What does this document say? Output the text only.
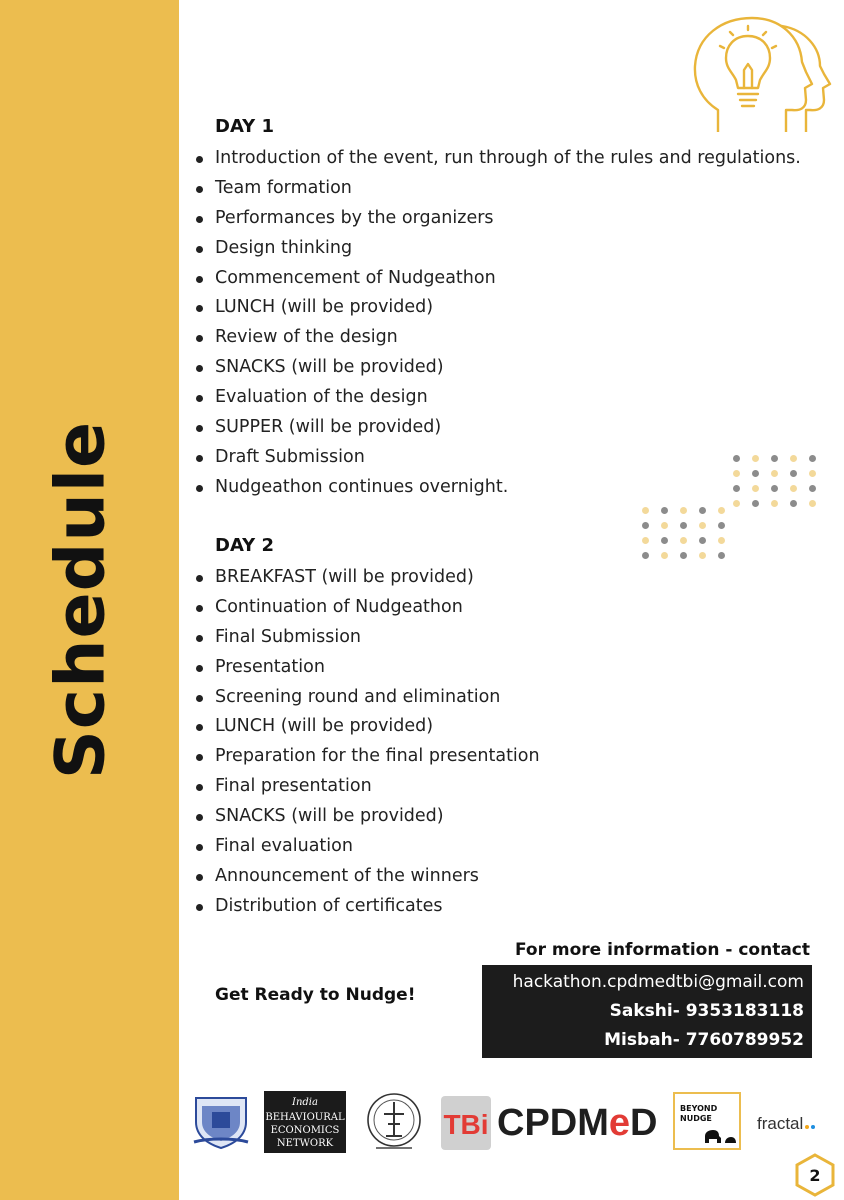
Schedule
DAY 1
Introduction of the event, run through of the rules and regulations.
Team formation
Performances by the organizers
Design thinking
Commencement of Nudgeathon
LUNCH (will be provided)
Review of the design
SNACKS (will be provided)
Evaluation of the design
SUPPER (will be provided)
Draft Submission
Nudgeathon continues overnight.
DAY 2
BREAKFAST (will be provided)
Continuation of Nudgeathon
Final Submission
Presentation
Screening round and elimination
LUNCH (will be provided)
Preparation for the final presentation
Final presentation
SNACKS (will be provided)
Final evaluation
Announcement of the winners
Distribution of certificates
For more information - contact
hackathon.cpdmedtbi@gmail.com
Sakshi- 9353183118
Misbah- 7760789952
Get Ready to Nudge!
India
BEHAVIOURAL
ECONOMICS
NETWORK
TBi CPDMeD	BEYOND
NUDGE	fractal
2
